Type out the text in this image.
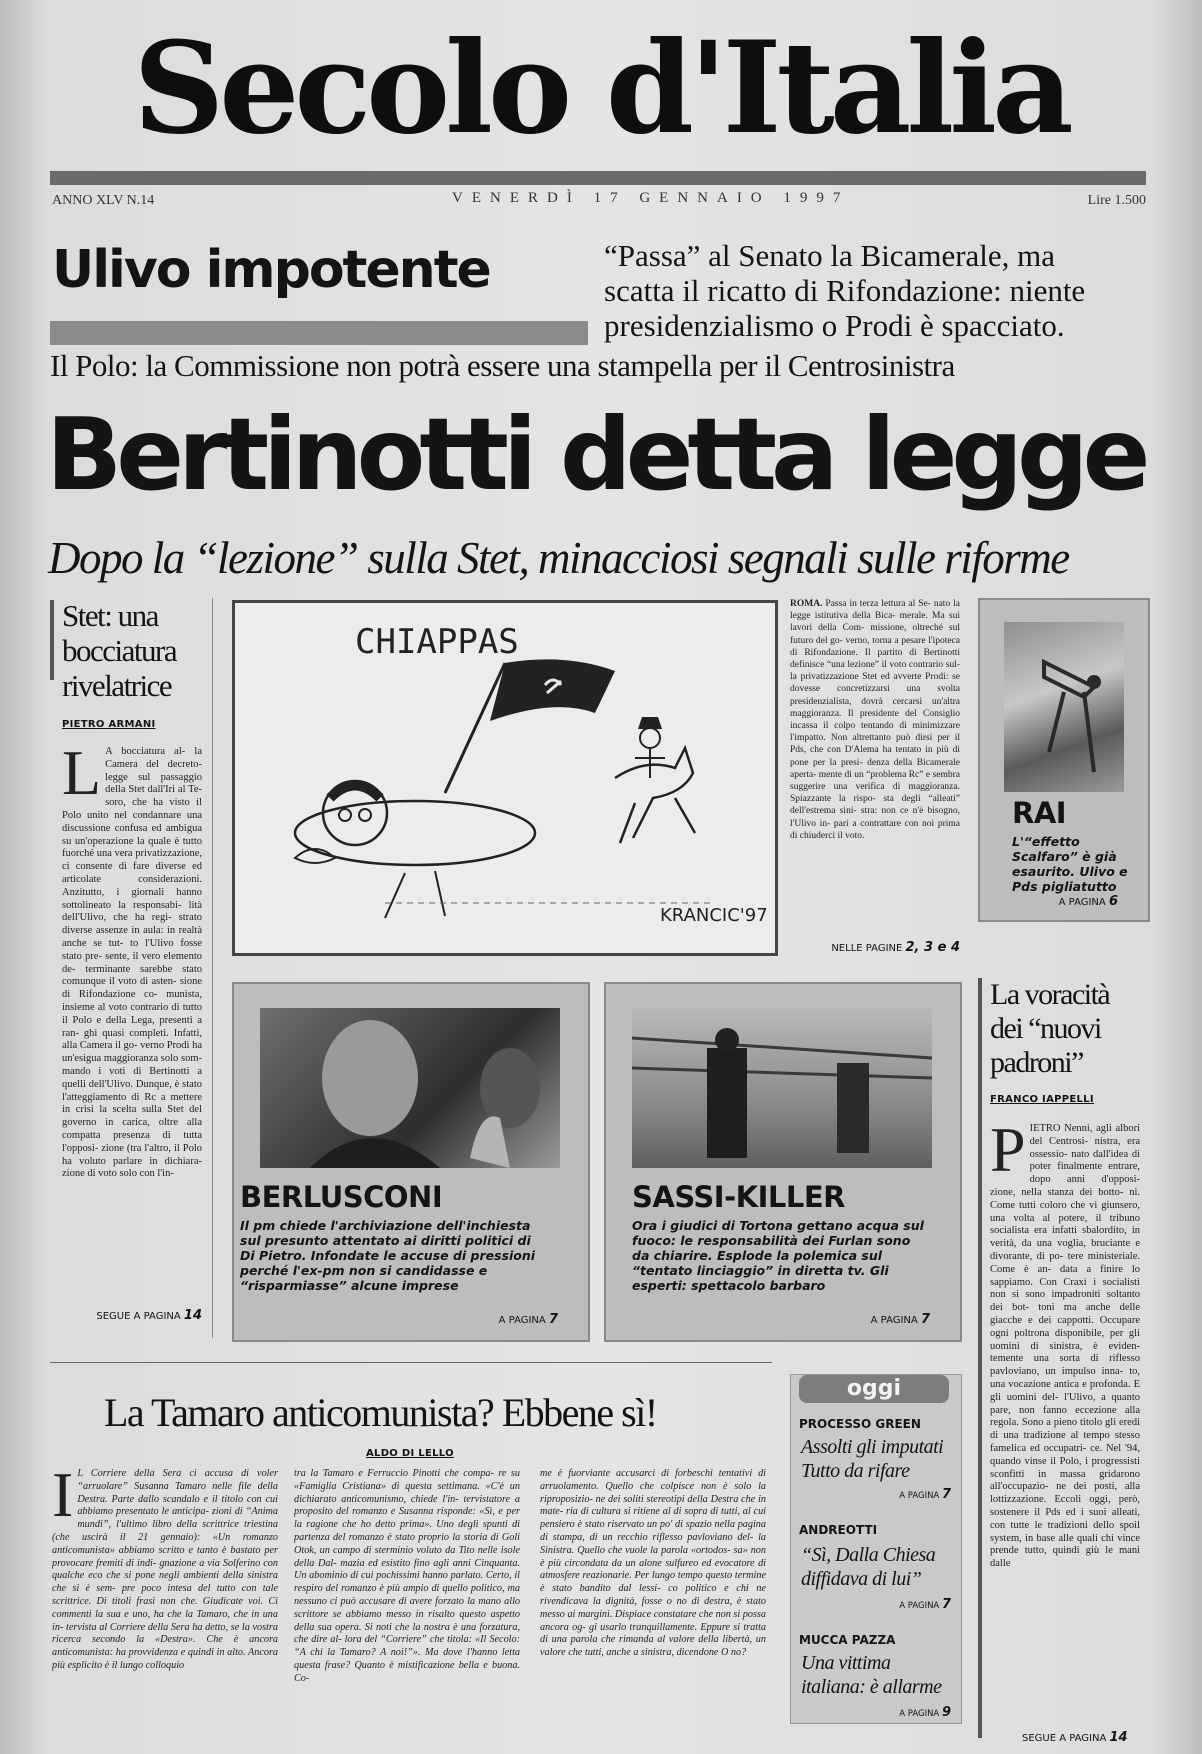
Secolo d'Italia
ANNO XLV N.14	VENERDÌ 17 GENNAIO 1997	Lire 1.500
Ulivo impotente	“Passa” al Senato la Bicamerale, ma scatta il ricatto di Rifondazione: niente presidenzialismo o Prodi è spacciato.
Il Polo: la Commissione non potrà essere una stampella per il Centrosinistra
Bertinotti detta legge
Dopo la “lezione” sulla Stet, minacciosi segnali sulle riforme
Stet: una bocciatura rivelatrice
PIETRO ARMANI
L A bocciatura al- la Camera del decreto-legge sul passaggio della Stet dall'Iri al Te- soro, che ha visto il Polo unito nel condannare una discussione confusa ed ambigua su un'operazione la quale è tutto fuorché una vera privatizzazione, ci consente di fare diverse ed articolate considerazioni. Anzitutto, i giornali hanno sottolineato la responsabi- lità dell'Ulivo, che ha regi- strato diverse assenze in aula: in realtà anche se tut- to l'Ulivo fosse stato pre- sente, il vero elemento de- terminante sarebbe stato comunque il voto di asten- sione di Rifondazione co- munista, insieme al voto contrario di tutto il Polo e della Lega, presenti a ran- ghi quasi completi. Infatti, alla Camera il go- verno Prodi ha un'esigua maggioranza solo som- mando i voti di Bertinotti a quelli dell'Ulivo. Dunque, è stato l'atteggiamento di Rc a mettere in crisi la scelta sulla Stet del governo in carica, oltre alla compatta presenza di tutta l'opposi- zione (tra l'altro, il Polo ha voluto parlare in dichiara- zione di voto solo con l'in-
SEGUE A PAGINA 14
CHIAPPAS
KRANCIC'97
ROMA. Passa in terza lettura al Se- nato la legge istitutiva della Bica- merale. Ma sui lavori della Com- missione, oltreché sul futuro del go- verno, torna a pesare l'ipoteca di Rifondazione. Il partito di Bertinotti definisce “una lezione” il voto contrario sul- la privatizzazione Stet ed avverte Prodi: se dovesse concretizzarsi una svolta presidenzialista, dovrà cercarsi un'altra maggioranza. Il presidente del Consiglio incassa il colpo tentando di minimizzare l'impatto. Non altrettanto può dirsi per il Pds, che con D'Alema ha tentato in più di pone per la presi- denza della Bicamerale aperta- mente di un “problema Rc” e sembra suggerire una verifica di maggioranza. Spiazzante la rispo- sta degli “alleati” dell'estrema sini- stra: non ce n'è bisogno, l'Ulivo in- pari a contrattare con noi prima di chiuderci il voto.
NELLE PAGINE 2, 3 e 4
RAI
L'“effetto Scalfaro” è già esaurito. Ulivo e Pds pigliatutto
A PAGINA 6
BERLUSCONI
Il pm chiede l'archiviazione dell'inchiesta sul presunto attentato ai diritti politici di Di Pietro. Infondate le accuse di pressioni perché l'ex-pm non si candidasse e “risparmiasse” alcune imprese
A PAGINA 7
SASSI-KILLER
Ora i giudici di Tortona gettano acqua sul fuoco: le responsabilità dei Furlan sono da chiarire. Esplode la polemica sul “tentato linciaggio” in diretta tv. Gli esperti: spettacolo barbaro
A PAGINA 7
La voracità dei “nuovi padroni”
FRANCO IAPPELLI
PIETRO Nenni, agli albori del Centrosi- nistra, era ossessio- nato dall'idea di poter finalmente entrare, dopo anni d'opposi- zione, nella stanza dei botto- ni. Come tutti coloro che vi giunsero, una volta al potere, il tribuno socialista era infatti sbalordito, in verità, da una voglia, bruciante e divorante, di po- tere ministeriale. Come è an- data a finire lo sappiamo. Con Craxi i socialisti non si sono impadroniti soltanto dei bot- toni ma anche delle giacche e dei cappotti. Occupare ogni poltrona disponibile, per gli uomini di sinistra, è eviden- temente una sorta di riflesso pavloviano, un impulso inna- to, una vocazione antica e profonda. E gli uomini del- l'Ulivo, a quanto pare, non fanno eccezione alla regola. Sono a pieno titolo gli eredi di una tradizione al tempo stesso famelica ed occupatri- ce. Nel '94, quando vinse il Polo, i progressisti sconfitti in massa gridarono all'occupazio- ne dei posti, alla lottizzazione. Eccoli oggi, però, sostenere il Pds ed i suoi alleati, con tutte le tradizioni dello spoil system, in base alle quali chi vince prende tutto, quindi giù le mani dalle
La Tamaro anticomunista? Ebbene sì!
ALDO DI LELLO
I L Corriere della Sera ci accusa di voler “arruolare” Susanna Tamaro nelle file della Destra. Parte dallo scandalo e il titolo con cui abbiamo presentato le anticipa- zioni di “Anima mundi”, l'ultimo libro della scrittrice triestina (che uscirà il 21 gennaio): «Un romanzo anticomunista» abbiamo scritto e tanto è bastato per provocare fremiti di indi- gnazione a via Solferino con qualche eco che si pone negli ambienti della sinistra che si è sem- pre poco intesa del tutto con tale scrittrice. Di titoli frasi non che. Giudicate voi. Ci commenti la sua e uno, ha che la Tamaro, che in una in- tervista al Corriere della Sera ha detto, se la vostra ricerca secondo la «Destra». Che è ancora anticomunista: ha provvidenza e quindi in alto. Ancora più esplicito è il lungo colloquio
tra la Tamaro e Ferruccio Pinotti che compa- re su «Famiglia Cristiana» di questa settimana. «C'è un dichiarato anticomunismo, chiede l'in- tervistatore a proposito del romanzo e Susanna risponde: «Sì, e per la ragione che ho detto prima». Uno degli spunti di partenza del romanzo è stato proprio la storia di Goli Otok, un campo di sterminio voluto da Tito nelle isole della Dal- mazia ed esistito fino agli anni Cinquanta. Un abominio di cui pochissimi hanno parlato. Certo, il respiro del romanzo è più ampio di quello politico, ma nessuno ci può accusare di avere forzato la mano allo scrittore se abbiamo messo in risalto questo aspetto della sua opera. Si noti che la nostra è una forzatura, che dire al- lora del “Corriere” che titola: «Il Secolo: “A chi la Tamaro? A noi!”». Ma dove l'hanno letta questa frase? Quanto è mistificazione bella e buona. Co-
me è fuorviante accusarci di forbeschi tentativi di arruolamento. Quello che colpisce non è solo la riproposizio- ne dei soliti stereotipi della Destra che in mate- ria di cultura si ritiene al di sopra di tutti, al cui pensiero è stato riservato un po' di spazio nella pagina di stampa, di un recchio riflesso pavloviano del- la Sinistra. Quello che vuole la parola «ortodos- sa» non è più circondata da un alone sulfureo ed evocatore di atmosfere reazionarie. Per lungo tempo questo termine è stato bandito dal lessi- co politico e chi ne rivendicava la dignità, fosse o no di destra, è stato messo ai margini. Dispiace constatare che non si possa ancora og- gi usarlo tranquillamente. Eppure si tratta di una parola che rimanda al valore della libertà, un valore che tutti, anche a sinistra, dicendone O no?
oggi
PROCESSO GREEN
Assolti gli imputati Tutto da rifare
A PAGINA 7
ANDREOTTI
“Sì, Dalla Chiesa diffidava di lui”
A PAGINA 7
MUCCA PAZZA
Una vittima italiana: è allarme
A PAGINA 9
SEGUE A PAGINA 14
